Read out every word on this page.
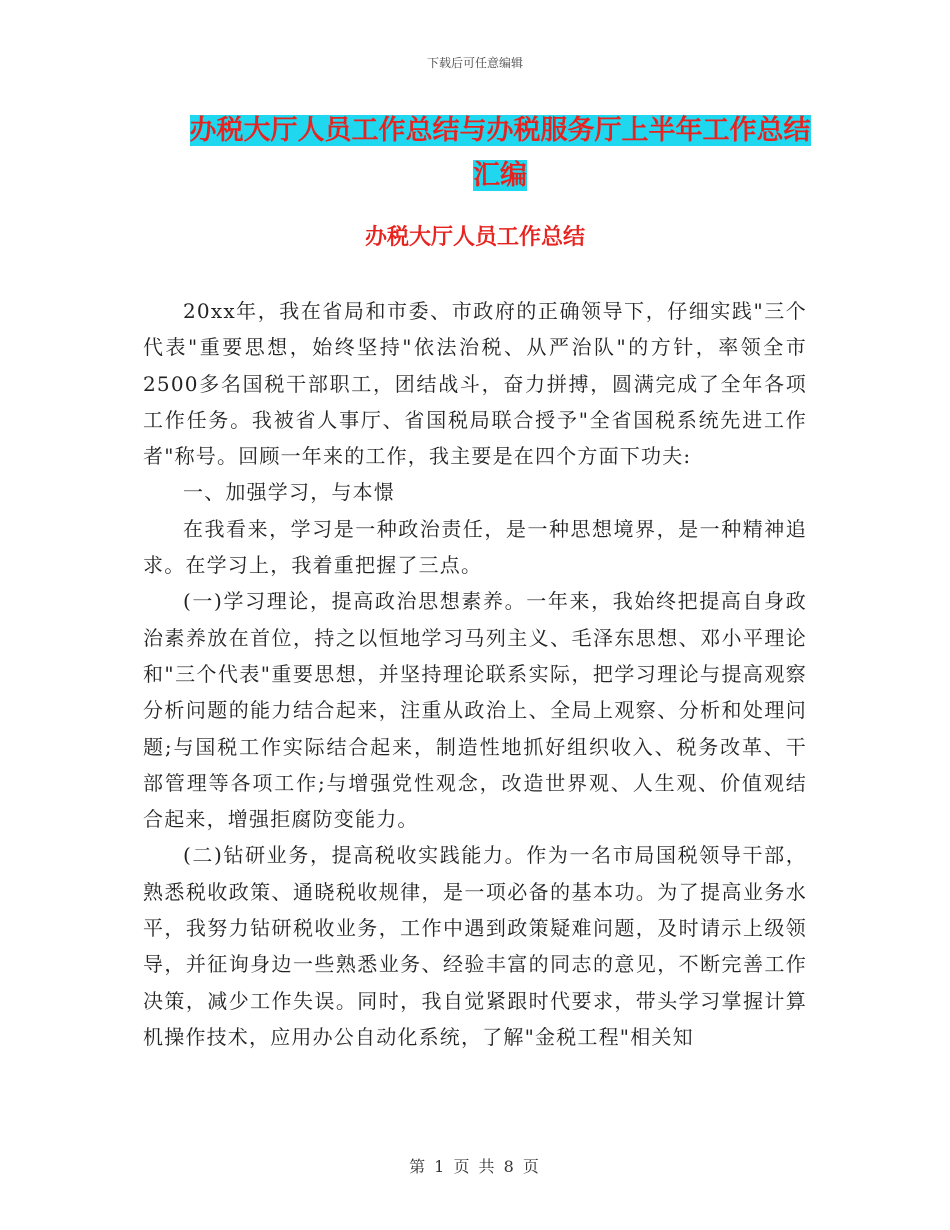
下载后可任意编辑
办税大厅人员工作总结与办税服务厅上半年工作总结
汇编
办税大厅人员工作总结

20xx年，我在省局和市委、市政府的正确领导下，仔细实践"三个代表"重要思想，始终坚持"依法治税、从严治队"的方针，率领全市2500多名国税干部职工，团结战斗，奋力拼搏，圆满完成了全年各项工作任务。我被省人事厅、省国税局联合授予"全省国税系统先进工作者"称号。回顾一年来的工作，我主要是在四个方面下功夫:

一、加强学习，与本憬

在我看来，学习是一种政治责任，是一种思想境界，是一种精神追求。在学习上，我着重把握了三点。

(一)学习理论，提高政治思想素养。一年来，我始终把提高自身政治素养放在首位，持之以恒地学习马列主义、毛泽东思想、邓小平理论和"三个代表"重要思想，并坚持理论联系实际，把学习理论与提高观察分析问题的能力结合起来，注重从政治上、全局上观察、分析和处理问题;与国税工作实际结合起来，制造性地抓好组织收入、税务改革、干部管理等各项工作;与增强党性观念，改造世界观、人生观、价值观结合起来，增强拒腐防变能力。

(二)钻研业务，提高税收实践能力。作为一名市局国税领导干部，熟悉税收政策、通晓税收规律，是一项必备的基本功。为了提高业务水平，我努力钻研税收业务，工作中遇到政策疑难问题，及时请示上级领导，并征询身边一些熟悉业务、经验丰富的同志的意见，不断完善工作决策，减少工作失误。同时，我自觉紧跟时代要求，带头学习掌握计算机操作技术，应用办公自动化系统，了解"金税工程"相关知

第 1 页 共 8 页
